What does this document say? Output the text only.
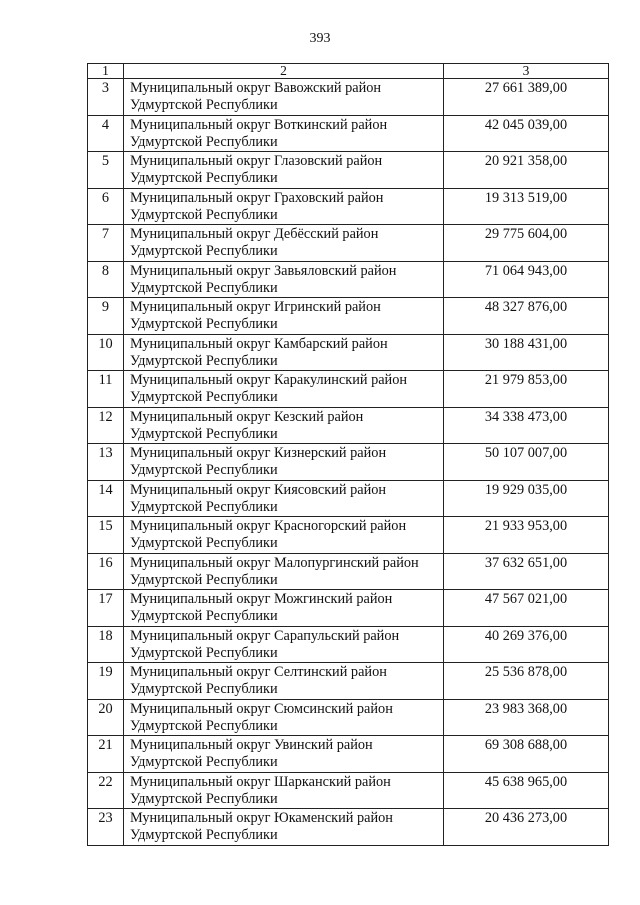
393
1	2	3
3	Муниципальный округ Вавожский район Удмуртской Республики	27 661 389,00
4	Муниципальный округ Воткинский район Удмуртской Республики	42 045 039,00
5	Муниципальный округ Глазовский район Удмуртской Республики	20 921 358,00
6	Муниципальный округ Граховский район Удмуртской Республики	19 313 519,00
7	Муниципальный округ Дебёсский район Удмуртской Республики	29 775 604,00
8	Муниципальный округ Завьяловский район Удмуртской Республики	71 064 943,00
9	Муниципальный округ Игринский район Удмуртской Республики	48 327 876,00
10	Муниципальный округ Камбарский район Удмуртской Республики	30 188 431,00
11	Муниципальный округ Каракулинский район Удмуртской Республики	21 979 853,00
12	Муниципальный округ Кезский район Удмуртской Республики	34 338 473,00
13	Муниципальный округ Кизнерский район Удмуртской Республики	50 107 007,00
14	Муниципальный округ Киясовский район Удмуртской Республики	19 929 035,00
15	Муниципальный округ Красногорский район Удмуртской Республики	21 933 953,00
16	Муниципальный округ Малопургинский район Удмуртской Республики	37 632 651,00
17	Муниципальный округ Можгинский район Удмуртской Республики	47 567 021,00
18	Муниципальный округ Сарапульский район Удмуртской Республики	40 269 376,00
19	Муниципальный округ Селтинский район Удмуртской Республики	25 536 878,00
20	Муниципальный округ Сюмсинский район Удмуртской Республики	23 983 368,00
21	Муниципальный округ Увинский район Удмуртской Республики	69 308 688,00
22	Муниципальный округ Шарканский район Удмуртской Республики	45 638 965,00
23	Муниципальный округ Юкаменский район Удмуртской Республики	20 436 273,00
